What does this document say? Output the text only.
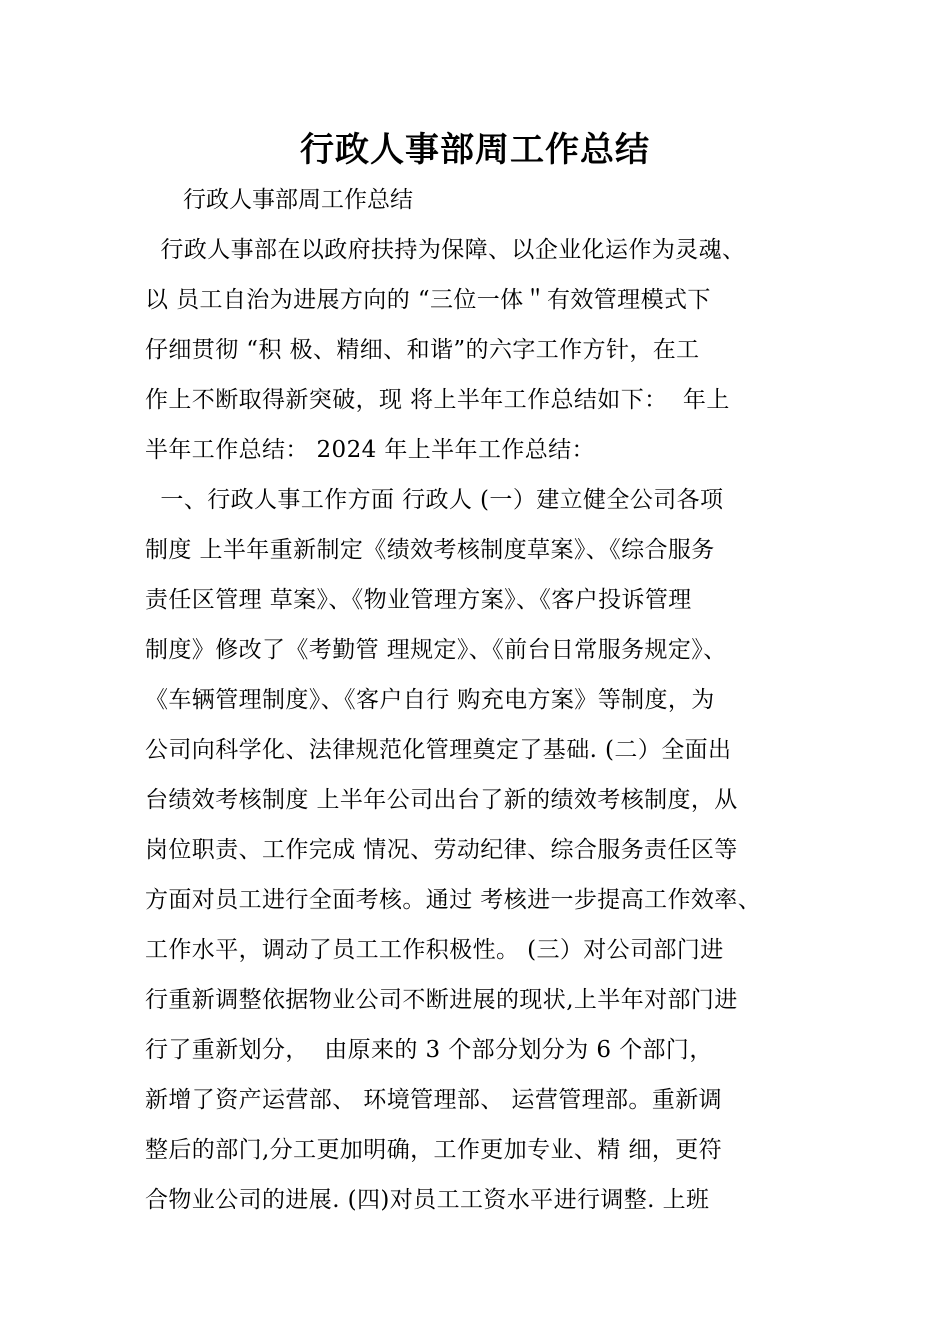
行政人事部周工作总结
行政人事部周工作总结
行政人事部在以政府扶持为保障、以企业化运作为灵魂、
以 员工自治为进展方向的 “三位一体＂有效管理模式下
仔细贯彻 “积 极、精细、和谐”的六字工作方针，在工
作上不断取得新突破，现 将上半年工作总结如下：  年上
半年工作总结： 2024 年上半年工作总结：
一、行政人事工作方面 行政人 (一）建立健全公司各项
制度 上半年重新制定《绩效考核制度草案》、《综合服务
责任区管理 草案》、《物业管理方案》、《客户投诉管理
制度》修改了《考勤管 理规定》、《前台日常服务规定》、
《车辆管理制度》、《客户自行 购充电方案》等制度，为
公司向科学化、法律规范化管理奠定了基础. (二）全面出
台绩效考核制度 上半年公司出台了新的绩效考核制度，从
岗位职责、工作完成 情况、劳动纪律、综合服务责任区等
方面对员工进行全面考核。通过 考核进一步提高工作效率、
工作水平，调动了员工工作积极性。 (三）对公司部门进
行重新调整依据物业公司不断进展的现状,上半年对部门进
行了重新划分，  由原来的 3 个部分划分为 6 个部门，
新增了资产运营部、 环境管理部、 运营管理部。重新调
整后的部门,分工更加明确，工作更加专业、精 细，更符
合物业公司的进展. (四)对员工工资水平进行调整. 上班
